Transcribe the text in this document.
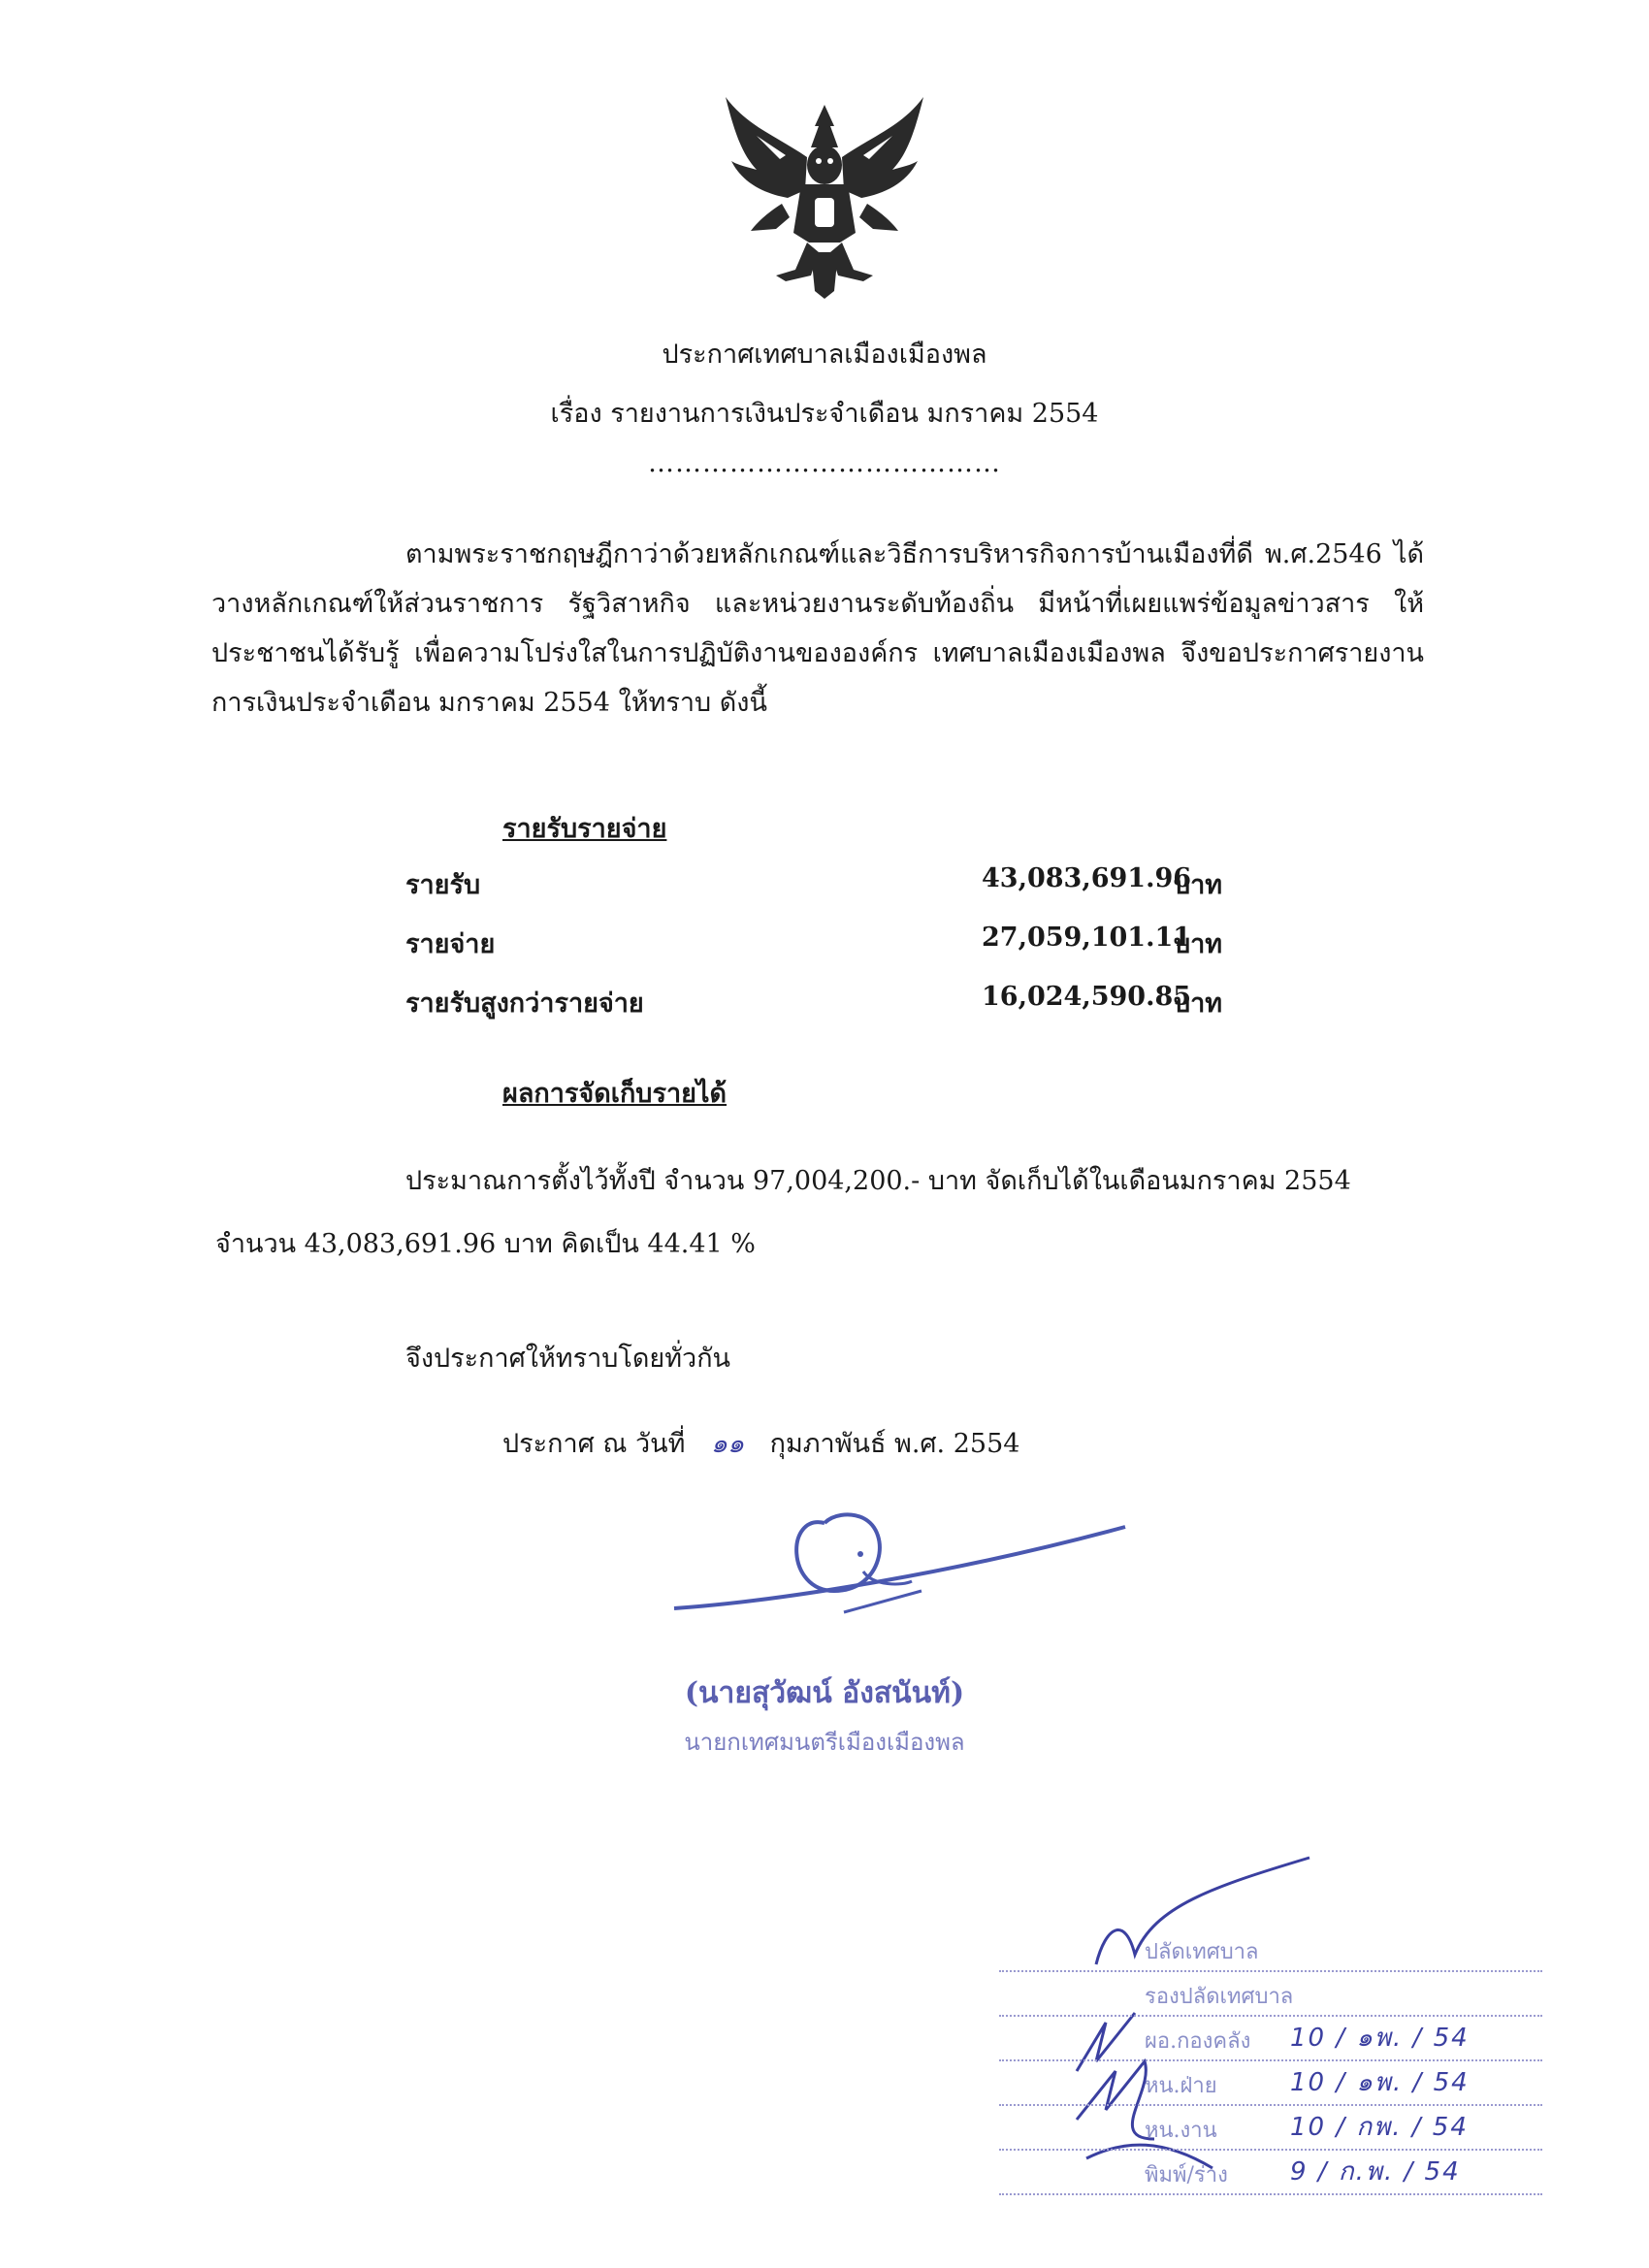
ประกาศเทศบาลเมืองเมืองพล
เรื่อง รายงานการเงินประจำเดือน มกราคม 2554
…………………………………
ตามพระราชกฤษฎีกาว่าด้วยหลักเกณฑ์และวิธีการบริหารกิจการบ้านเมืองที่ดี พ.ศ.2546 ได้วางหลักเกณฑ์ให้ส่วนราชการ รัฐวิสาหกิจ และหน่วยงานระดับท้องถิ่น มีหน้าที่เผยแพร่ข้อมูลข่าวสาร ให้ประชาชนได้รับรู้ เพื่อความโปร่งใสในการปฏิบัติงานขององค์กร เทศบาลเมืองเมืองพล จึงขอประกาศรายงานการเงินประจำเดือน มกราคม 2554 ให้ทราบ ดังนี้
รายรับรายจ่าย
รายรับ	43,083,691.96
บาท
รายจ่าย	27,059,101.11
บาท
รายรับสูงกว่ารายจ่าย	16,024,590.85
บาท
ผลการจัดเก็บรายได้
ประมาณการตั้งไว้ทั้งปี จำนวน 97,004,200.- บาท จัดเก็บได้ในเดือนมกราคม 2554
จำนวน 43,083,691.96 บาท คิดเป็น 44.41 %
จึงประกาศให้ทราบโดยทั่วกัน
ประกาศ ณ วันที่ ๑๑ กุมภาพันธ์ พ.ศ. 2554
(นายสุวัฒน์ อังสนันท์)
นายกเทศมนตรีเมืองเมืองพล
ปลัดเทศบาล
รองปลัดเทศบาล
ผอ.กองคลัง 10 / ๑พ. / 54
หน.ฝ่าย	10 / ๑พ. / 54
หน.งาน	10 / กพ. / 54
พิมพ์/ร่าง 9 / ก.พ. / 54
